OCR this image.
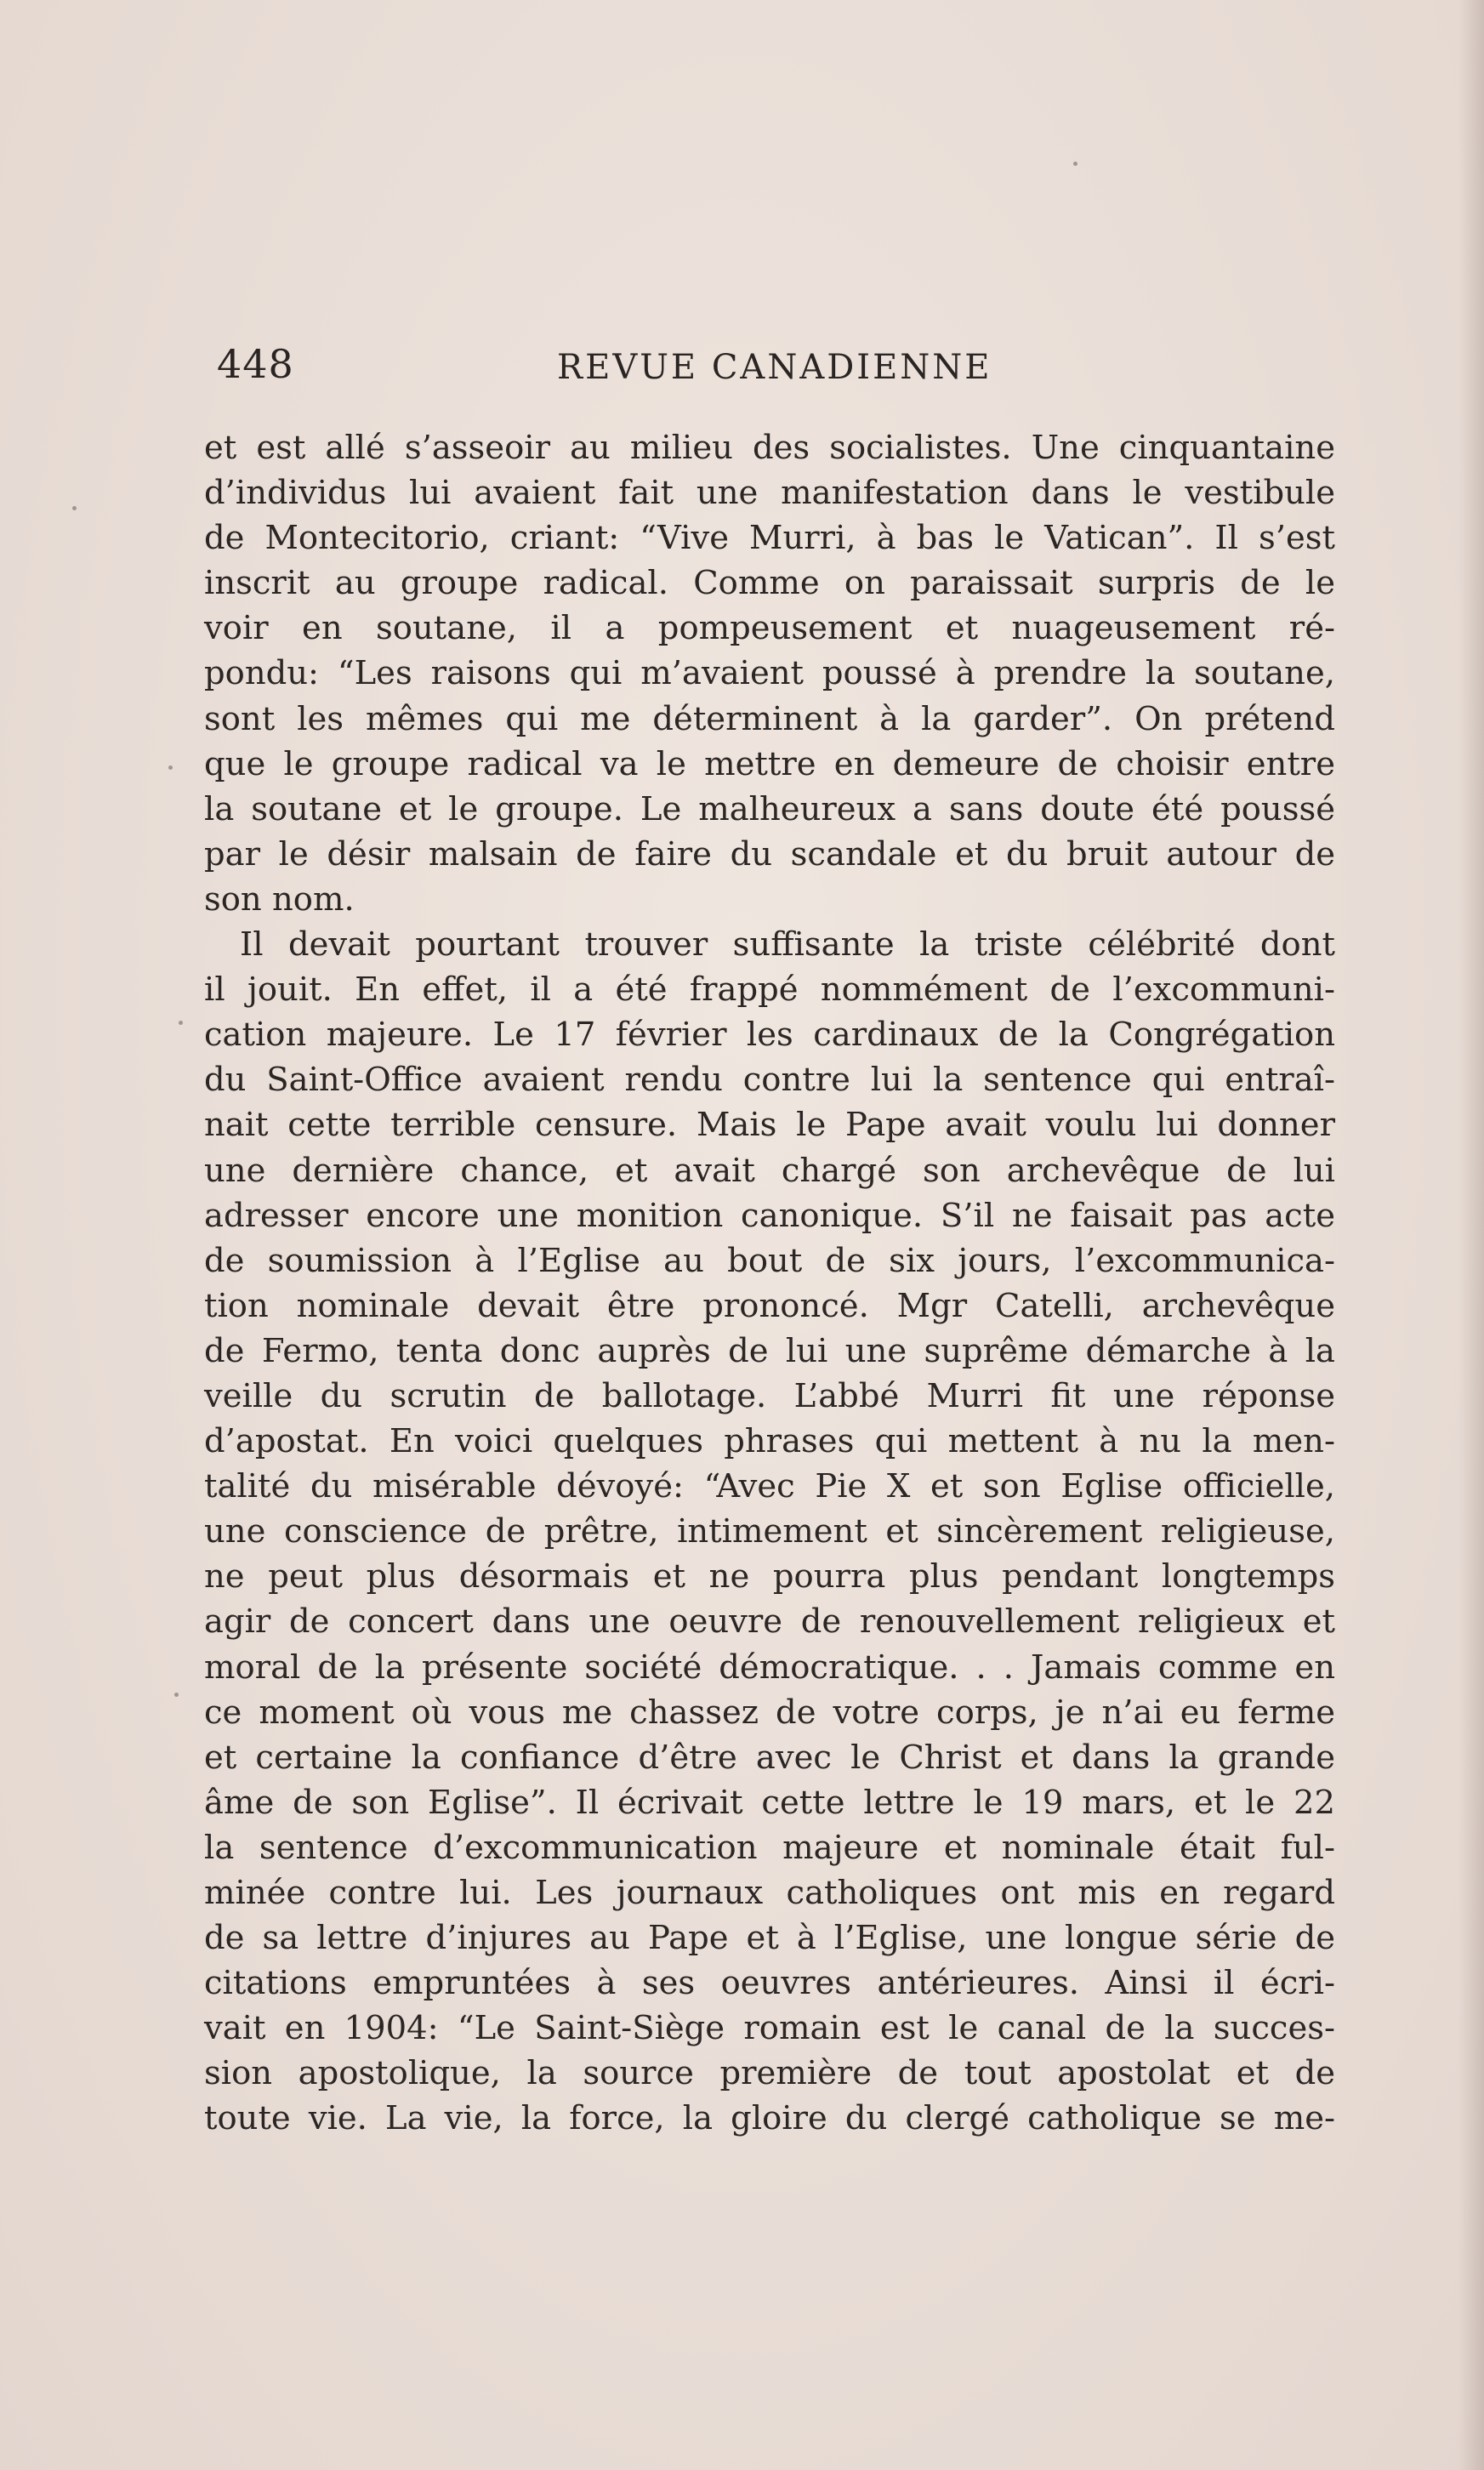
448	REVUE CANADIENNE
et est allé s’asseoir au milieu des socialistes. Une cinquantaine
d’individus lui avaient fait une manifestation dans le vestibule
de Montecitorio, criant: “Vive Murri, à bas le Vatican”. Il s’est
inscrit au groupe radical. Comme on paraissait surpris de le
voir en soutane, il a pompeusement et nuageusement ré-
pondu: “Les raisons qui m’avaient poussé à prendre la soutane,
sont les mêmes qui me déterminent à la garder”. On prétend
que le groupe radical va le mettre en demeure de choisir entre
la soutane et le groupe. Le malheureux a sans doute été poussé
par le désir malsain de faire du scandale et du bruit autour de
son nom.
Il devait pourtant trouver suffisante la triste célébrité dont
il jouit. En effet, il a été frappé nommément de l’excommuni-
cation majeure. Le 17 février les cardinaux de la Congrégation
du Saint-Office avaient rendu contre lui la sentence qui entraî-
nait cette terrible censure. Mais le Pape avait voulu lui donner
une dernière chance, et avait chargé son archevêque de lui
adresser encore une monition canonique. S’il ne faisait pas acte
de soumission à l’Eglise au bout de six jours, l’excommunica-
tion nominale devait être prononcé. Mgr Catelli, archevêque
de Fermo, tenta donc auprès de lui une suprême démarche à la
veille du scrutin de ballotage. L’abbé Murri fit une réponse
d’apostat. En voici quelques phrases qui mettent à nu la men-
talité du misérable dévoyé: “Avec Pie X et son Eglise officielle,
une conscience de prêtre, intimement et sincèrement religieuse,
ne peut plus désormais et ne pourra plus pendant longtemps
agir de concert dans une oeuvre de renouvellement religieux et
moral de la présente société démocratique. . . Jamais comme en
ce moment où vous me chassez de votre corps, je n’ai eu ferme
et certaine la confiance d’être avec le Christ et dans la grande
âme de son Eglise”. Il écrivait cette lettre le 19 mars, et le 22
la sentence d’excommunication majeure et nominale était ful-
minée contre lui. Les journaux catholiques ont mis en regard
de sa lettre d’injures au Pape et à l’Eglise, une longue série de
citations empruntées à ses oeuvres antérieures. Ainsi il écri-
vait en 1904: “Le Saint-Siège romain est le canal de la succes-
sion apostolique, la source première de tout apostolat et de
toute vie. La vie, la force, la gloire du clergé catholique se me-
